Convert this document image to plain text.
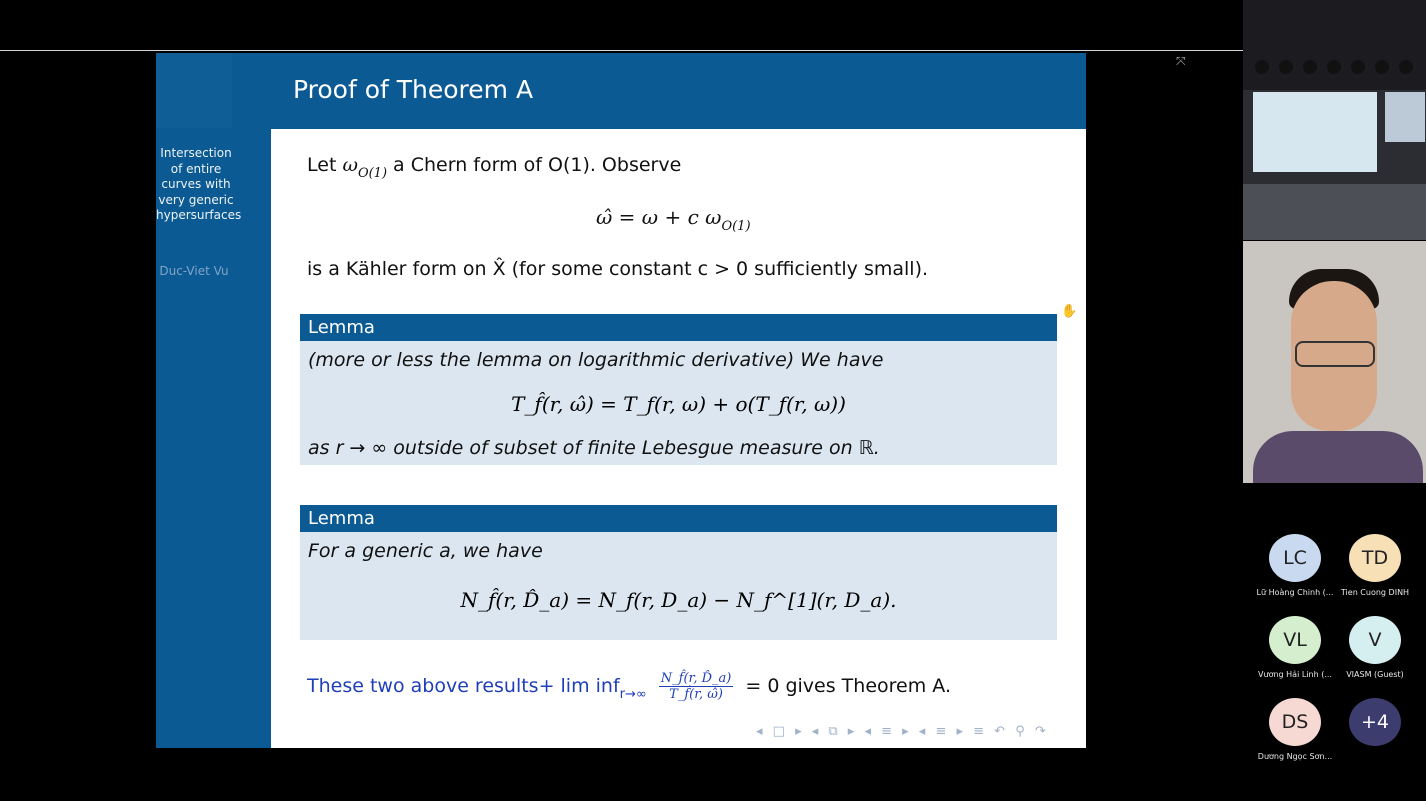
Intersection of entire curves with very generic hypersurfaces
Duc-Viet Vu
Proof of Theorem A
Let $\omega_{O(1)}$ a Chern form of O(1). Observe
ω̂ = ω + c $\omega_{O(1)}$
is a Kähler form on X̂ (for some constant c > 0 sufficiently small).
Lemma
(more or less the lemma on logarithmic derivative) We have
T_f̂(r, ω̂) = T_f(r, ω) + o(T_f(r, ω))
as r → ∞ outside of subset of finite Lebesgue measure on ℝ.
Lemma
For a generic a, we have
N_f̂(r, D̂_a) = N_f(r, D_a) − N_f^[1](r, D_a).
These two above results+ $\lim inf_{r\to\infty} \frac{N\_f̂(r, D̂\_a)}{T\_f̂(r, \omegâ)} = 0$ gives Theorem A.
◂ □ ▸ ◂ ⧉ ▸ ◂ ≡ ▸ ◂ ≡ ▸ ≡ ↶ ⚲ ↷
⤧
✋
LC
Lữ Hoàng Chinh (...
TD
Tien Cuong DINH
VL
Vương Hải Linh (...
V
VIASM (Guest)
DS
Dương Ngọc Sơn...
+4
